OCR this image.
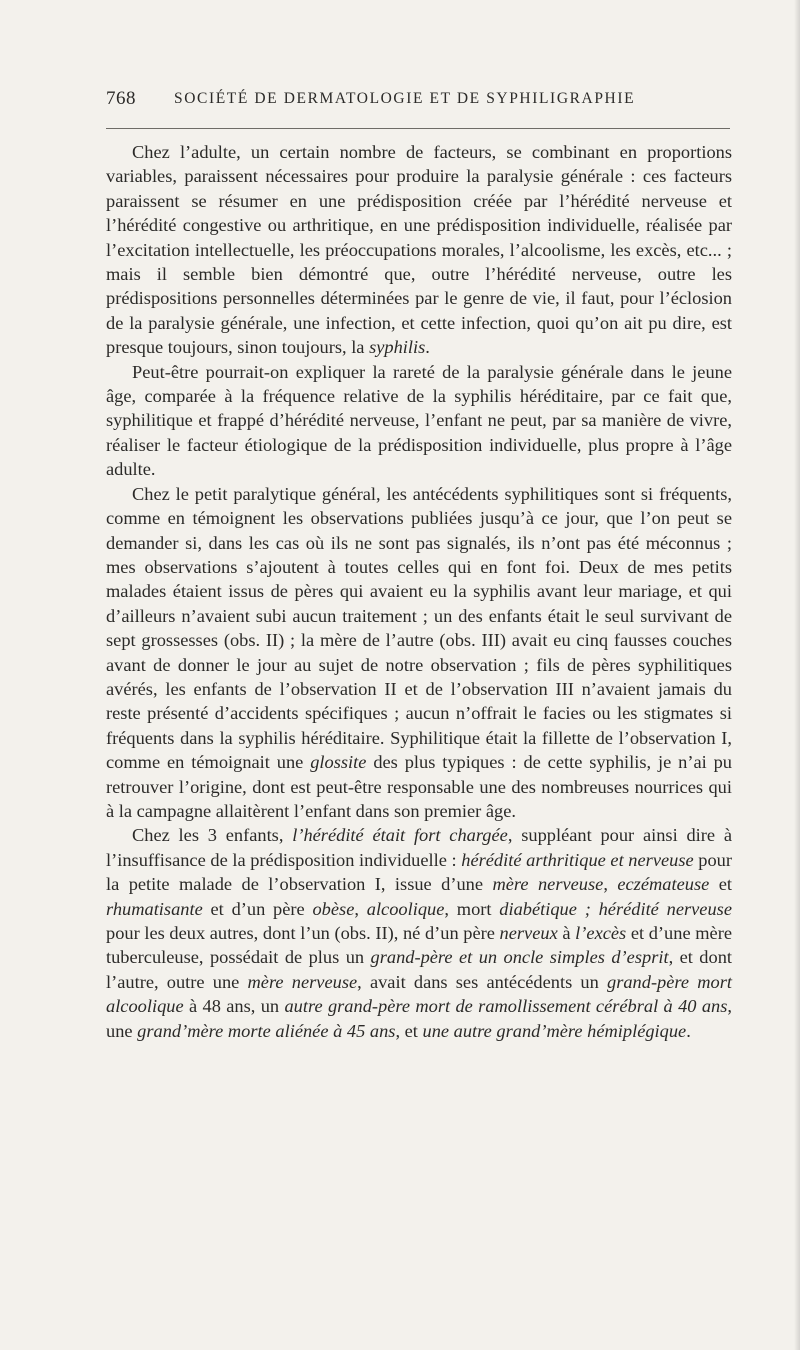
768 SOCIÉTÉ DE DERMATOLOGIE ET DE SYPHILIGRAPHIE

Chez l’adulte, un certain nombre de facteurs, se combinant en proportions variables, paraissent nécessaires pour produire la paralysie générale : ces facteurs paraissent se résumer en une prédisposition créée par l’hérédité nerveuse et l’hérédité congestive ou arthritique, en une prédisposition individuelle, réalisée par l’excitation intellectuelle, les préoccupations morales, l’alcoolisme, les excès, etc... ; mais il semble bien démontré que, outre l’hérédité nerveuse, outre les prédispositions personnelles déterminées par le genre de vie, il faut, pour l’éclosion de la paralysie générale, une infection, et cette infection, quoi qu’on ait pu dire, est presque toujours, sinon toujours, la syphilis.

Peut-être pourrait-on expliquer la rareté de la paralysie générale dans le jeune âge, comparée à la fréquence relative de la syphilis héréditaire, par ce fait que, syphilitique et frappé d’hérédité nerveuse, l’enfant ne peut, par sa manière de vivre, réaliser le facteur étiologique de la prédisposition individuelle, plus propre à l’âge adulte.

Chez le petit paralytique général, les antécédents syphilitiques sont si fréquents, comme en témoignent les observations publiées jusqu’à ce jour, que l’on peut se demander si, dans les cas où ils ne sont pas signalés, ils n’ont pas été méconnus ; mes observations s’ajoutent à toutes celles qui en font foi. Deux de mes petits malades étaient issus de pères qui avaient eu la syphilis avant leur mariage, et qui d’ailleurs n’avaient subi aucun traitement ; un des enfants était le seul survivant de sept grossesses (obs. II) ; la mère de l’autre (obs. III) avait eu cinq fausses couches avant de donner le jour au sujet de notre observation ; fils de pères syphilitiques avérés, les enfants de l’observation II et de l’observation III n’avaient jamais du reste présenté d’accidents spécifiques ; aucun n’offrait le facies ou les stigmates si fréquents dans la syphilis héréditaire. Syphilitique était la fillette de l’observation I, comme en témoignait une glossite des plus typiques : de cette syphilis, je n’ai pu retrouver l’origine, dont est peut-être responsable une des nombreuses nourrices qui à la campagne allaitèrent l’enfant dans son premier âge.

Chez les 3 enfants, l’hérédité était fort chargée, suppléant pour ainsi dire à l’insuffisance de la prédisposition individuelle : hérédité arthritique et nerveuse pour la petite malade de l’observation I, issue d’une mère nerveuse, eczémateuse et rhumatisante et d’un père obèse, alcoolique, mort diabétique ; hérédité nerveuse pour les deux autres, dont l’un (obs. II), né d’un père nerveux à l’excès et d’une mère tuberculeuse, possédait de plus un grand-père et un oncle simples d’esprit, et dont l’autre, outre une mère nerveuse, avait dans ses antécédents un grand-père mort alcoolique à 48 ans, un autre grand-père mort de ramollissement cérébral à 40 ans, une grand’mère morte aliénée à 45 ans, et une autre grand’mère hémiplégique.
